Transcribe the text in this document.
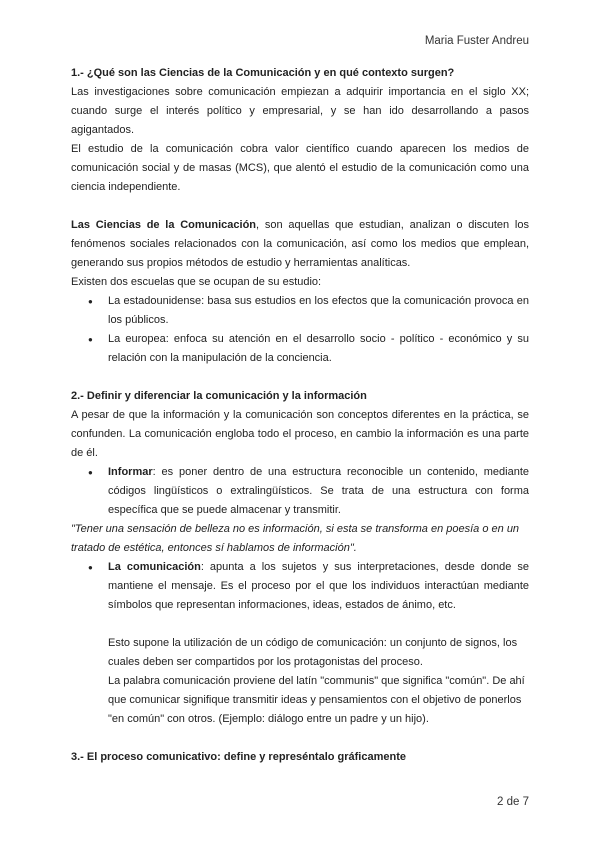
Maria Fuster Andreu
1.- ¿Qué son las Ciencias de la Comunicación y en qué contexto surgen?

Las investigaciones sobre comunicación empiezan a adquirir importancia en el siglo XX; cuando surge el interés político y empresarial, y se han ido desarrollando a pasos agigantados.

El estudio de la comunicación cobra valor científico cuando aparecen los medios de comunicación social y de masas (MCS), que alentó el estudio de la comunicación como una ciencia independiente.

Las Ciencias de la Comunicación, son aquellas que estudian, analizan o discuten los fenómenos sociales relacionados con la comunicación, así como los medios que emplean, generando sus propios métodos de estudio y herramientas analíticas.

Existen dos escuelas que se ocupan de su estudio:

● La estadounidense: basa sus estudios en los efectos que la comunicación provoca en los públicos.
● La europea: enfoca su atención en el desarrollo socio - político - económico y su relación con la manipulación de la conciencia.
2.- Definir y diferenciar la comunicación y la información

A pesar de que la información y la comunicación son conceptos diferentes en la práctica, se confunden. La comunicación engloba todo el proceso, en cambio la información es una parte de él.

● Informar: es poner dentro de una estructura reconocible un contenido, mediante códigos lingüísticos o extralingüísticos. Se trata de una estructura con forma específica que se puede almacenar y transmitir.

"Tener una sensación de belleza no es información, si esta se transforma en poesía o en un tratado de estética, entonces sí hablamos de información".

● La comunicación: apunta a los sujetos y sus interpretaciones, desde donde se mantiene el mensaje. Es el proceso por el que los individuos interactúan mediante símbolos que representan informaciones, ideas, estados de ánimo, etc.

Esto supone la utilización de un código de comunicación: un conjunto de signos, los cuales deben ser compartidos por los protagonistas del proceso.

La palabra comunicación proviene del latín "communis" que significa "común". De ahí que comunicar signifique transmitir ideas y pensamientos con el objetivo de ponerlos "en común" con otros. (Ejemplo: diálogo entre un padre y un hijo).

3.- El proceso comunicativo: define y represéntalo gráficamente
2 de 7
